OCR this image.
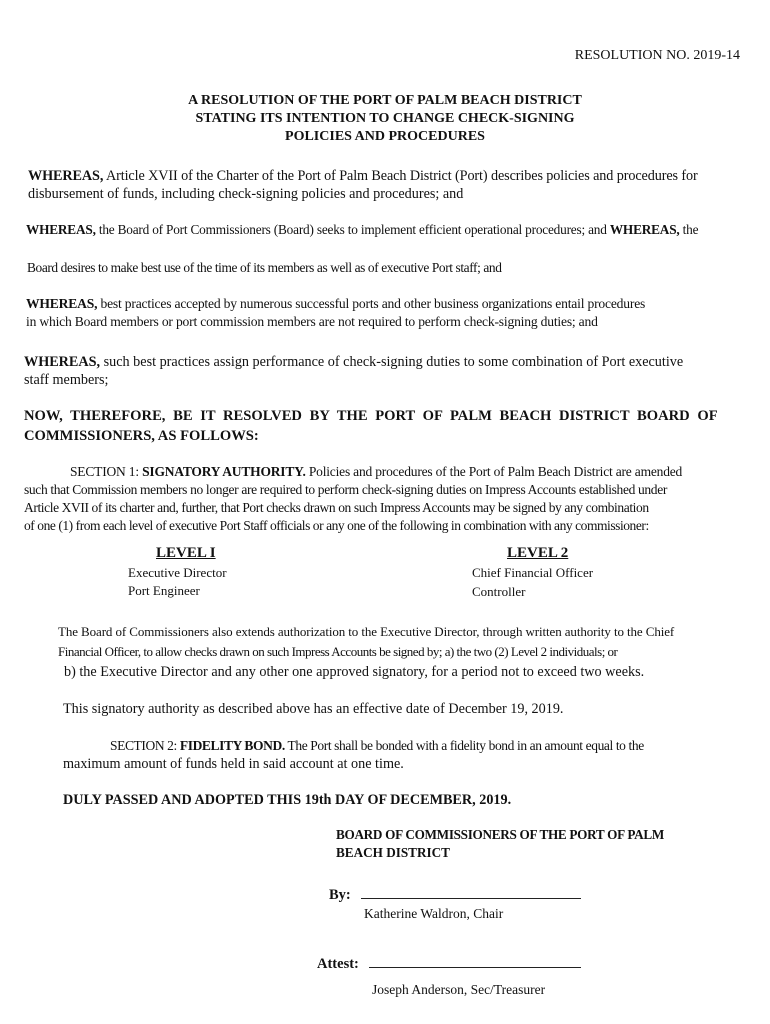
RESOLUTION NO. 2019-14
A RESOLUTION OF THE PORT OF PALM BEACH DISTRICT
STATING ITS INTENTION TO CHANGE CHECK-SIGNING
POLICIES AND PROCEDURES
WHEREAS, Article XVII of the Charter of the Port of Palm Beach District (Port) describes policies and procedures for
disbursement of funds, including check-signing policies and procedures; and
WHEREAS, the Board of Port Commissioners (Board) seeks to implement efficient operational procedures; and WHEREAS, the
Board desires to make best use of the time of its members as well as of executive Port staff; and
WHEREAS, best practices accepted by numerous successful ports and other business organizations entail procedures
in which Board members or port commission members are not required to perform check-signing duties; and
WHEREAS, such best practices assign performance of check-signing duties to some combination of Port executive
staff members;
NOW, THEREFORE, BE IT RESOLVED BY THE PORT OF PALM BEACH DISTRICT BOARD OF
COMMISSIONERS, AS FOLLOWS:
SECTION 1: SIGNATORY AUTHORITY. Policies and procedures of the Port of Palm Beach District are amended
such that Commission members no longer are required to perform check-signing duties on Impress Accounts established under
Article XVII of its charter and, further, that Port checks drawn on such Impress Accounts may be signed by any combination
of one (1) from each level of executive Port Staff officials or any one of the following in combination with any commissioner:
LEVEL I
Executive Director
Port Engineer
LEVEL 2
Chief Financial Officer
Controller
The Board of Commissioners also extends authorization to the Executive Director, through written authority to the Chief
Financial Officer, to allow checks drawn on such Impress Accounts be signed by; a) the two (2) Level 2 individuals; or
b) the Executive Director and any other one approved signatory, for a period not to exceed two weeks.
This signatory authority as described above has an effective date of December 19, 2019.
SECTION 2: FIDELITY BOND. The Port shall be bonded with a fidelity bond in an amount equal to the
maximum amount of funds held in said account at one time.
DULY PASSED AND ADOPTED THIS 19th DAY OF DECEMBER, 2019.
BOARD OF COMMISSIONERS OF THE PORT OF PALM
BEACH DISTRICT
By:
Katherine Waldron, Chair
Attest:
Joseph Anderson, Sec/Treasurer
